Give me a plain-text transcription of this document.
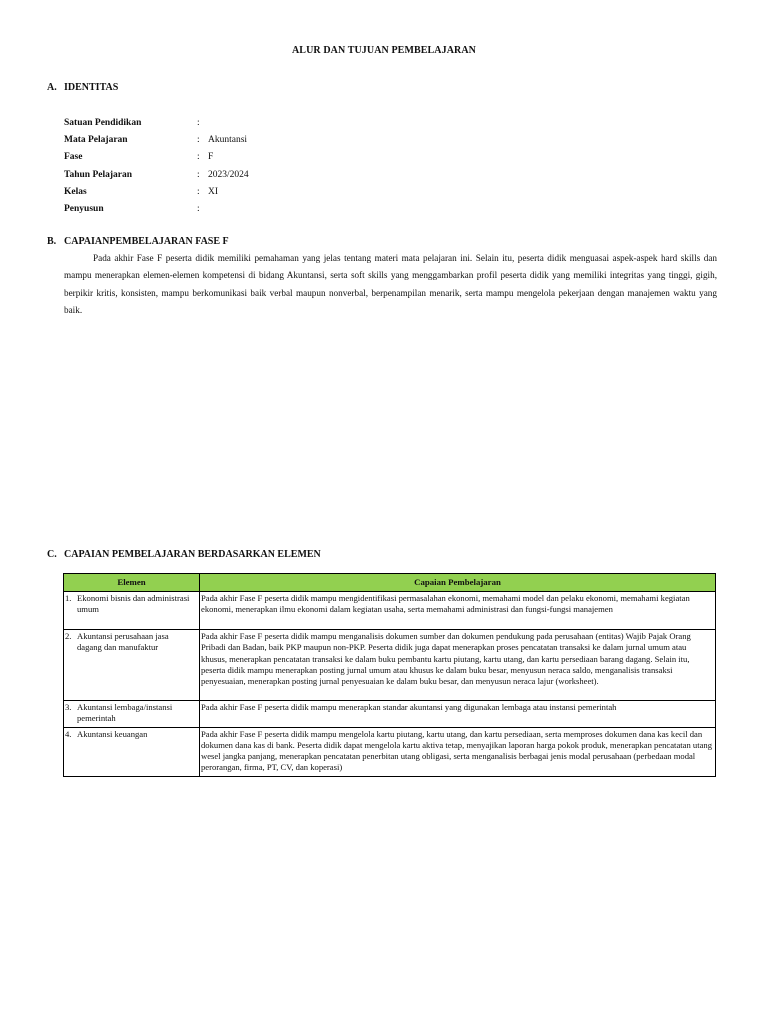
ALUR DAN TUJUAN PEMBELAJARAN
A. IDENTITAS
Satuan Pendidikan	:
Mata Pelajaran	: Akuntansi
Fase	: F
Tahun Pelajaran	: 2023/2024
Kelas	: XI
Penyusun	:
B. CAPAIANPEMBELAJARAN FASE F
Pada akhir Fase F peserta didik memiliki pemahaman yang jelas tentang materi mata pelajaran ini. Selain itu, peserta didik menguasai aspek-aspek hard skills dan mampu menerapkan elemen-elemen kompetensi di bidang Akuntansi, serta soft skills yang menggambarkan profil peserta didik yang memiliki integritas yang tinggi, gigih, berpikir kritis, konsisten, mampu berkomunikasi baik verbal maupun nonverbal, berpenampilan menarik, serta mampu mengelola pekerjaan dengan manajemen waktu yang baik.
C. CAPAIAN PEMBELAJARAN BERDASARKAN ELEMEN
Elemen	Capaian Pembelajaran
1. Ekonomi bisnis dan administrasi umum	Pada akhir Fase F peserta didik mampu mengidentifikasi permasalahan ekonomi, memahami model dan pelaku ekonomi, memahami kegiatan ekonomi, menerapkan ilmu ekonomi dalam kegiatan usaha, serta memahami administrasi dan fungsi-fungsi manajemen
2. Akuntansi perusahaan jasa dagang dan manufaktur	Pada akhir Fase F peserta didik mampu menganalisis dokumen sumber dan dokumen pendukung pada perusahaan (entitas) Wajib Pajak Orang Pribadi dan Badan, baik PKP maupun non-PKP. Peserta didik juga dapat menerapkan proses pencatatan transaksi ke dalam jurnal umum atau khusus, menerapkan pencatatan transaksi ke dalam buku pembantu kartu piutang, kartu utang, dan kartu persediaan barang dagang. Selain itu, peserta didik mampu menerapkan posting jurnal umum atau khusus ke dalam buku besar, menyusun neraca saldo, menganalisis transaksi penyesuaian, menerapkan posting jurnal penyesuaian ke dalam buku besar, dan menyusun neraca lajur (worksheet).
3. Akuntansi lembaga/instansi pemerintah	Pada akhir Fase F peserta didik mampu menerapkan standar akuntansi yang digunakan lembaga atau instansi pemerintah
4. Akuntansi keuangan	Pada akhir Fase F peserta didik mampu mengelola kartu piutang, kartu utang, dan kartu persediaan, serta memproses dokumen dana kas kecil dan dokumen dana kas di bank. Peserta didik dapat mengelola kartu aktiva tetap, menyajikan laporan harga pokok produk, menerapkan pencatatan utang wesel jangka panjang, menerapkan pencatatan penerbitan utang obligasi, serta menganalisis berbagai jenis modal perusahaan (perbedaan modal perorangan, firma, PT, CV, dan koperasi)
